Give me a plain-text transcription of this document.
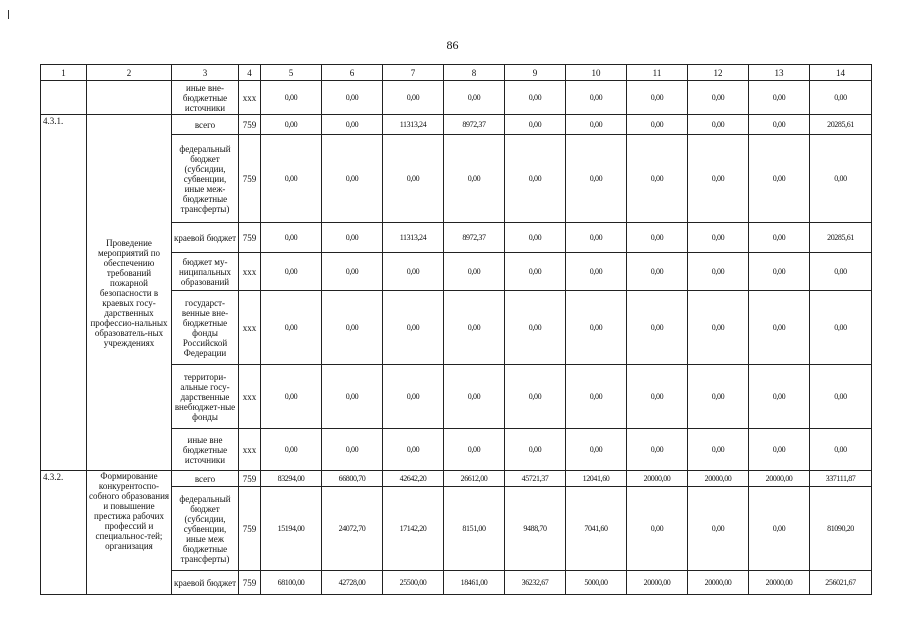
86
1	2	3	4	5	6	7	8	9	10	11	12	13	14
		иные вне-бюджетные источники	xxx	0,00	0,00	0,00	0,00	0,00	0,00	0,00	0,00	0,00	0,00
4.3.1.	Проведение мероприятий по обеспечению требований пожарной безопасности в краевых госу-дарственных профессио-нальных образователь-ных учреждениях	всего	759	0,00	0,00	11313,24	8972,37	0,00	0,00	0,00	0,00	0,00	20285,61
		федеральный бюджет (субсидии, субвенции, иные меж-бюджетные трансферты)	759	0,00	0,00	0,00	0,00	0,00	0,00	0,00	0,00	0,00	0,00
		краевой бюджет	759	0,00	0,00	11313,24	8972,37	0,00	0,00	0,00	0,00	0,00	20285,61
		бюджет му-ниципальных образований	xxx	0,00	0,00	0,00	0,00	0,00	0,00	0,00	0,00	0,00	0,00
		государст-венные вне-бюджетные фонды Российской Федерации	xxx	0,00	0,00	0,00	0,00	0,00	0,00	0,00	0,00	0,00	0,00
		территори-альные госу-дарственные внебюджет-ные фонды	xxx	0,00	0,00	0,00	0,00	0,00	0,00	0,00	0,00	0,00	0,00
		иные вне бюджетные источники	xxx	0,00	0,00	0,00	0,00	0,00	0,00	0,00	0,00	0,00	0,00
4.3.2.	Формирование конкурентоспо-собного образования и повышение престижа рабочих профессий и специальнос-тей; организация	всего	759	83294,00	66800,70	42642,20	26612,00	45721,37	12041,60	20000,00	20000,00	20000,00	337111,87
		федеральный бюджет (субсидии, субвенции, иные меж бюджетные трансферты)	759	15194,00	24072,70	17142,20	8151,00	9488,70	7041,60	0,00	0,00	0,00	81090,20
		краевой бюджет	759	68100,00	42728,00	25500,00	18461,00	36232,67	5000,00	20000,00	20000,00	20000,00	256021,67
